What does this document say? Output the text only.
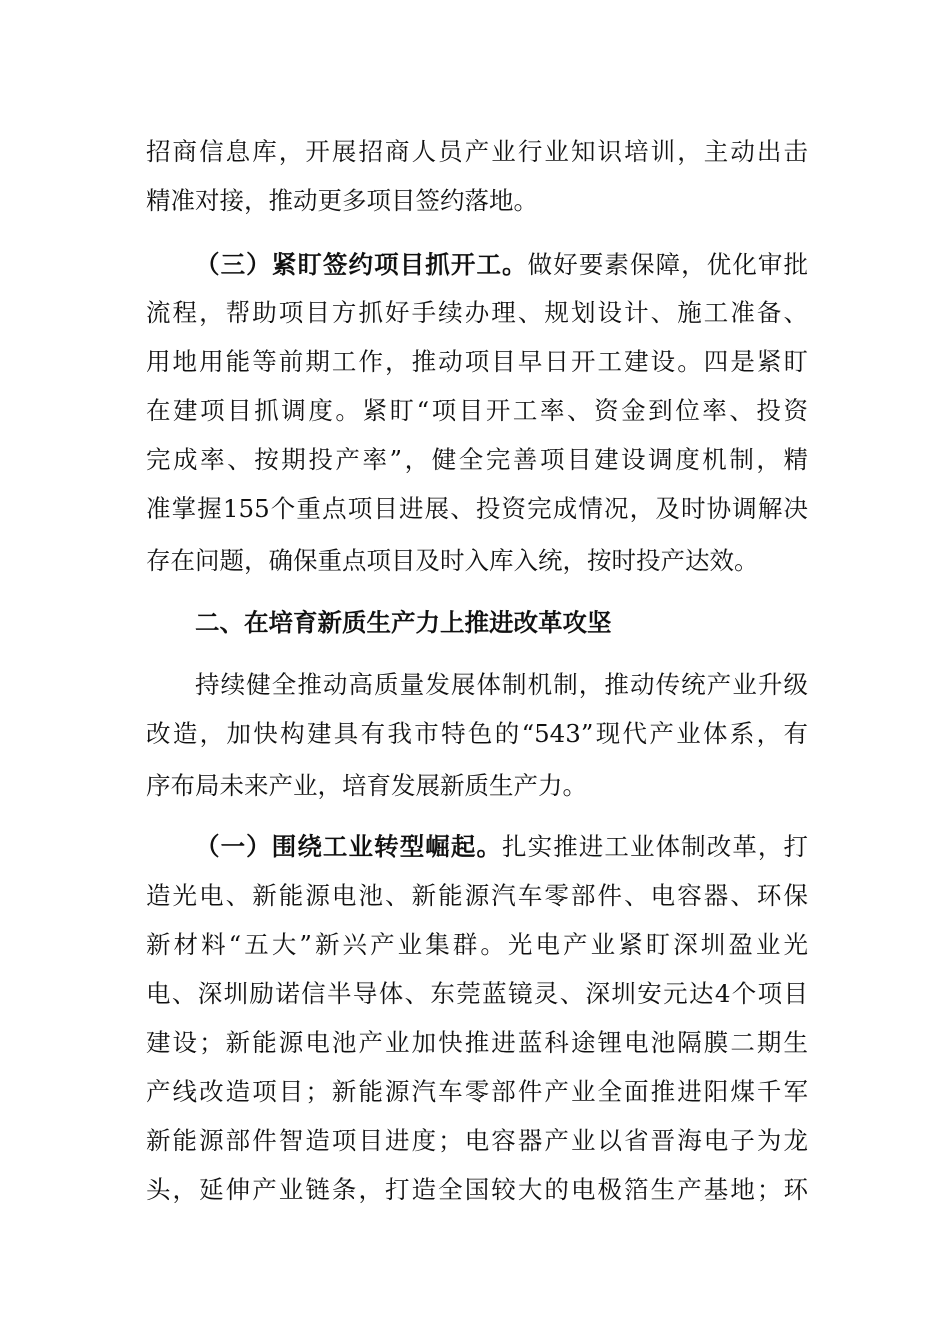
招商信息库，开展招商人员产业行业知识培训，主动出击
精准对接，推动更多项目签约落地。
（三）紧盯签约项目抓开工。做好要素保障，优化审批
流程，帮助项目方抓好手续办理、规划设计、施工准备、
用地用能等前期工作，推动项目早日开工建设。四是紧盯
在建项目抓调度。紧盯“项目开工率、资金到位率、投资
完成率、按期投产率”，健全完善项目建设调度机制，精
准掌握155个重点项目进展、投资完成情况，及时协调解决
存在问题，确保重点项目及时入库入统，按时投产达效。
二、在培育新质生产力上推进改革攻坚
持续健全推动高质量发展体制机制，推动传统产业升级
改造，加快构建具有我市特色的“543”现代产业体系，有
序布局未来产业，培育发展新质生产力。
（一）围绕工业转型崛起。扎实推进工业体制改革，打
造光电、新能源电池、新能源汽车零部件、电容器、环保
新材料“五大”新兴产业集群。光电产业紧盯深圳盈业光
电、深圳励诺信半导体、东莞蓝镜灵、深圳安元达4个项目
建设；新能源电池产业加快推进蓝科途锂电池隔膜二期生
产线改造项目；新能源汽车零部件产业全面推进阳煤千军
新能源部件智造项目进度；电容器产业以省晋海电子为龙
头，延伸产业链条，打造全国较大的电极箔生产基地；环
